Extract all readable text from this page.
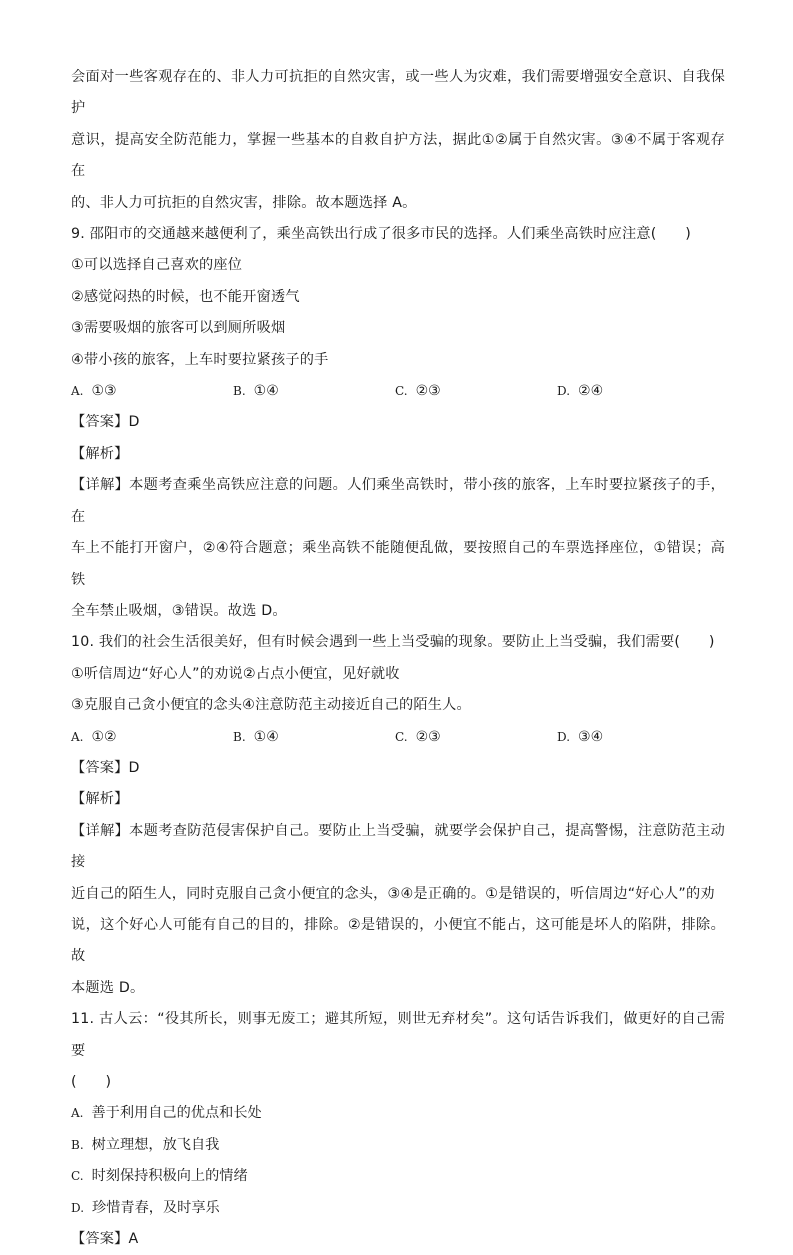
会面对一些客观存在的、非人力可抗拒的自然灾害，或一些人为灾难，我们需要增强安全意识、自我保护

意识，提高安全防范能力，掌握一些基本的自救自护方法，据此①②属于自然灾害。③④不属于客观存在

的、非人力可抗拒的自然灾害，排除。故本题选择 A。

9. 邵阳市的交通越来越便利了，乘坐高铁出行成了很多市民的选择。人们乘坐高铁时应注意(　　)

①可以选择自己喜欢的座位

②感觉闷热的时候，也不能开窗透气

③需要吸烟的旅客可以到厕所吸烟

④带小孩的旅客，上车时要拉紧孩子的手

A. ①③	B. ①④	C. ②③	D. ②④

【答案】D

【解析】

【详解】本题考查乘坐高铁应注意的问题。人们乘坐高铁时，带小孩的旅客，上车时要拉紧孩子的手，在

车上不能打开窗户，②④符合题意；乘坐高铁不能随便乱做，要按照自己的车票选择座位，①错误；高铁

全车禁止吸烟，③错误。故选 D。

10. 我们的社会生活很美好，但有时候会遇到一些上当受骗的现象。要防止上当受骗，我们需要(　　)

①听信周边“好心人”的劝说②占点小便宜，见好就收

③克服自己贪小便宜的念头④注意防范主动接近自己的陌生人。

A. ①②	B. ①④	C. ②③	D. ③④

【答案】D

【解析】

【详解】本题考查防范侵害保护自己。要防止上当受骗，就要学会保护自己，提高警惕，注意防范主动接

近自己的陌生人，同时克服自己贪小便宜的念头，③④是正确的。①是错误的，听信周边“好心人”的劝

说，这个好心人可能有自己的目的，排除。②是错误的，小便宜不能占，这可能是坏人的陷阱，排除。故

本题选 D。

11. 古人云：“役其所长，则事无废工；避其所短，则世无弃材矣”。这句话告诉我们，做更好的自己需要

(　　)

A. 善于利用自己的优点和长处
B. 树立理想，放飞自我
C. 时刻保持积极向上的情绪
D. 珍惜青春，及时享乐

【答案】A
